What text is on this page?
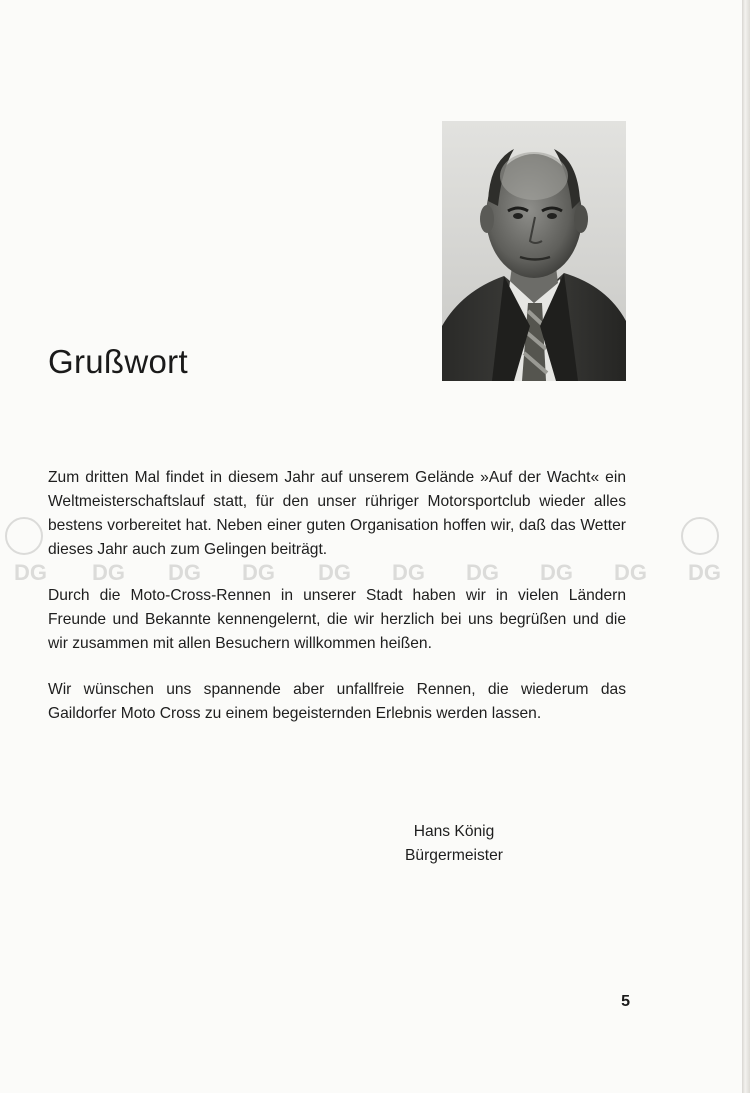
Grußwort

Zum dritten Mal findet in diesem Jahr auf unserem Gelände »Auf der Wacht« ein Weltmeisterschaftslauf statt, für den unser rühriger Motorsportclub wieder alles bestens vorbereitet hat. Neben einer guten Organisation hoffen wir, daß das Wetter dieses Jahr auch zum Gelingen beiträgt.

Durch die Moto-Cross-Rennen in unserer Stadt haben wir in vielen Ländern Freunde und Bekannte kennengelernt, die wir herzlich bei uns begrüßen und die wir zusammen mit allen Besuchern willkommen heißen.

Wir wünschen uns spannende aber unfallfreie Rennen, die wiederum das Gaildorfer Moto Cross zu einem begeisternden Erlebnis werden lassen.

Hans König
Bürgermeister
5
DG DG DG DG DG DG DG DG DG DG
